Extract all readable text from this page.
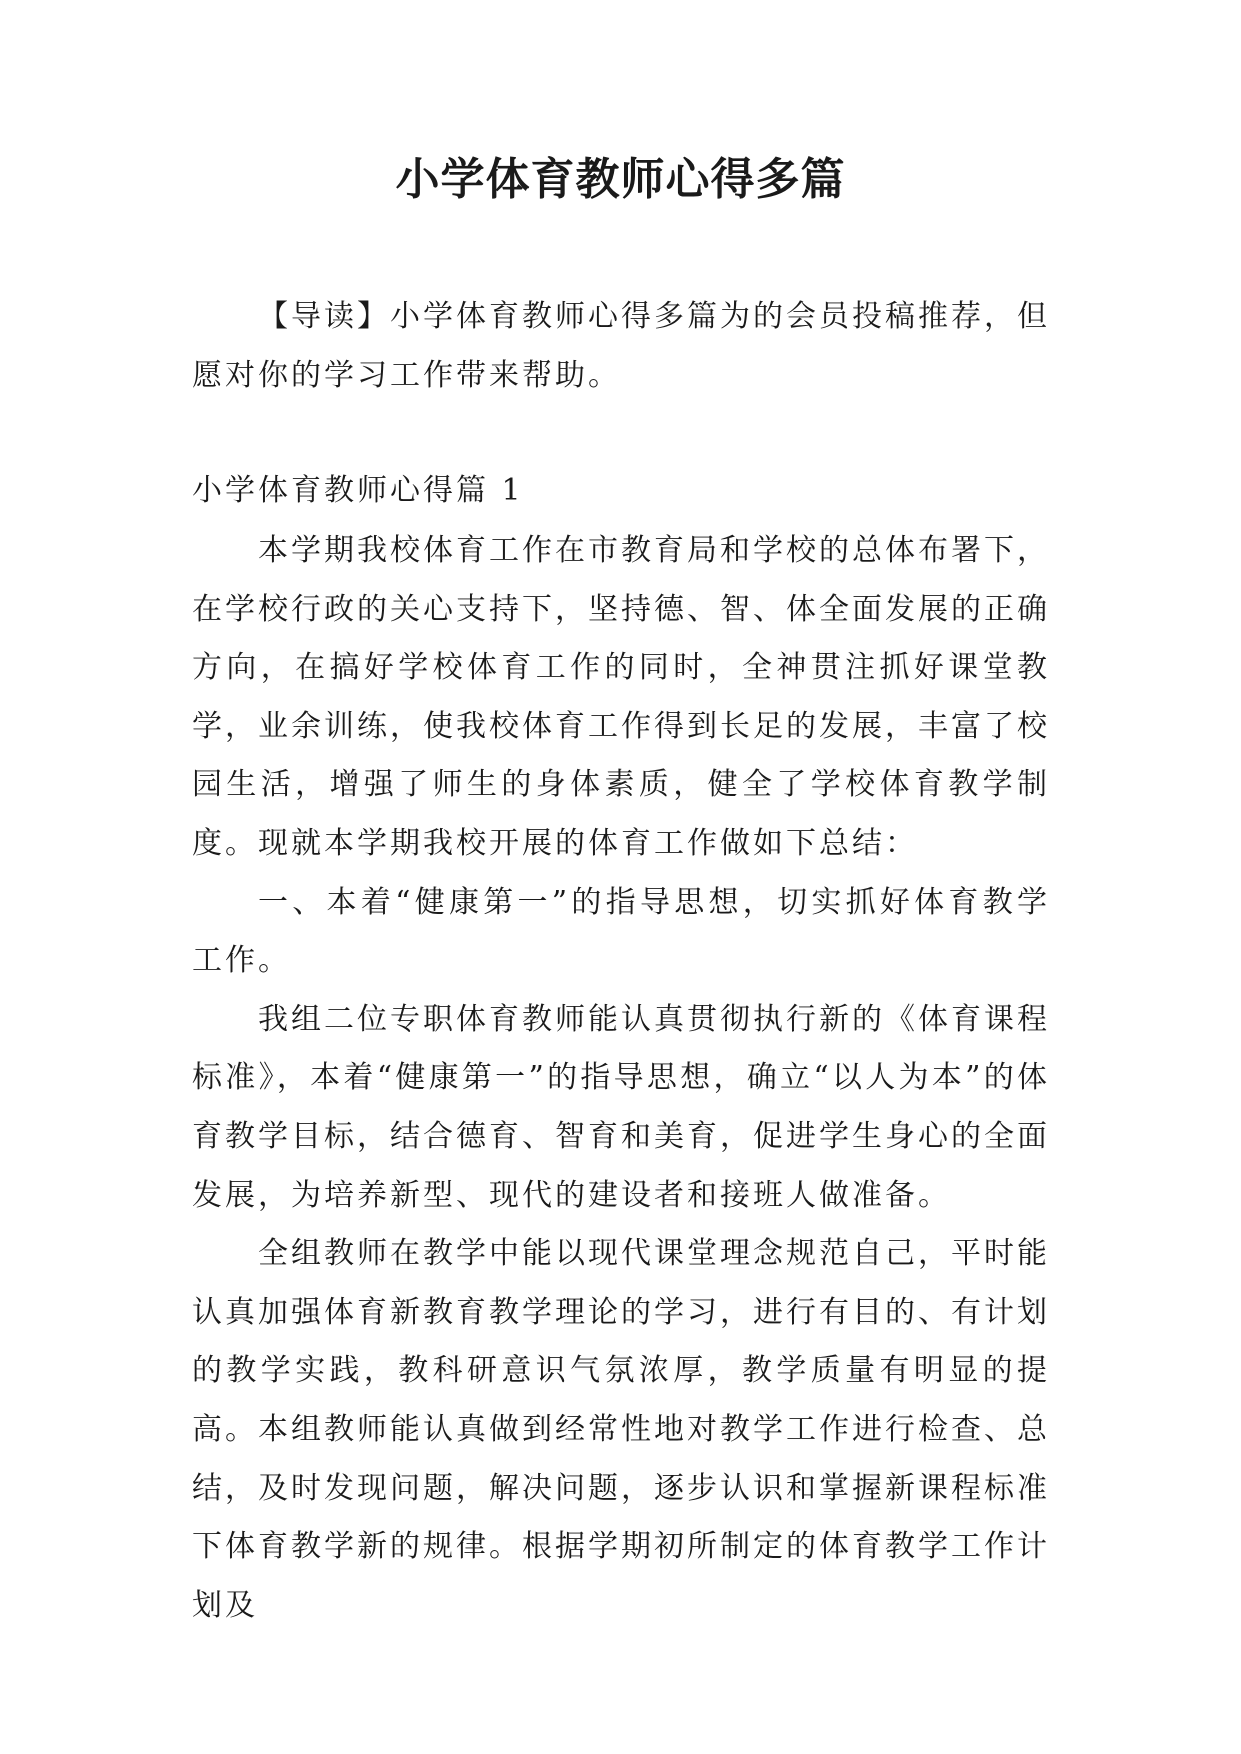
小学体育教师心得多篇

【导读】小学体育教师心得多篇为的会员投稿推荐，但愿对你的学习工作带来帮助。

小学体育教师心得篇 1

本学期我校体育工作在市教育局和学校的总体布署下，在学校行政的关心支持下，坚持德、智、体全面发展的正确方向，在搞好学校体育工作的同时，全神贯注抓好课堂教学，业余训练，使我校体育工作得到长足的发展，丰富了校园生活，增强了师生的身体素质，健全了学校体育教学制度。现就本学期我校开展的体育工作做如下总结：

一、本着“健康第一”的指导思想，切实抓好体育教学工作。

我组二位专职体育教师能认真贯彻执行新的《体育课程标准》，本着“健康第一”的指导思想，确立“以人为本”的体育教学目标，结合德育、智育和美育，促进学生身心的全面发展，为培养新型、现代的建设者和接班人做准备。

全组教师在教学中能以现代课堂理念规范自己，平时能认真加强体育新教育教学理论的学习，进行有目的、有计划的教学实践，教科研意识气氛浓厚，教学质量有明显的提高。本组教师能认真做到经常性地对教学工作进行检查、总结，及时发现问题，解决问题，逐步认识和掌握新课程标准下体育教学新的规律。根据学期初所制定的体育教学工作计划及
